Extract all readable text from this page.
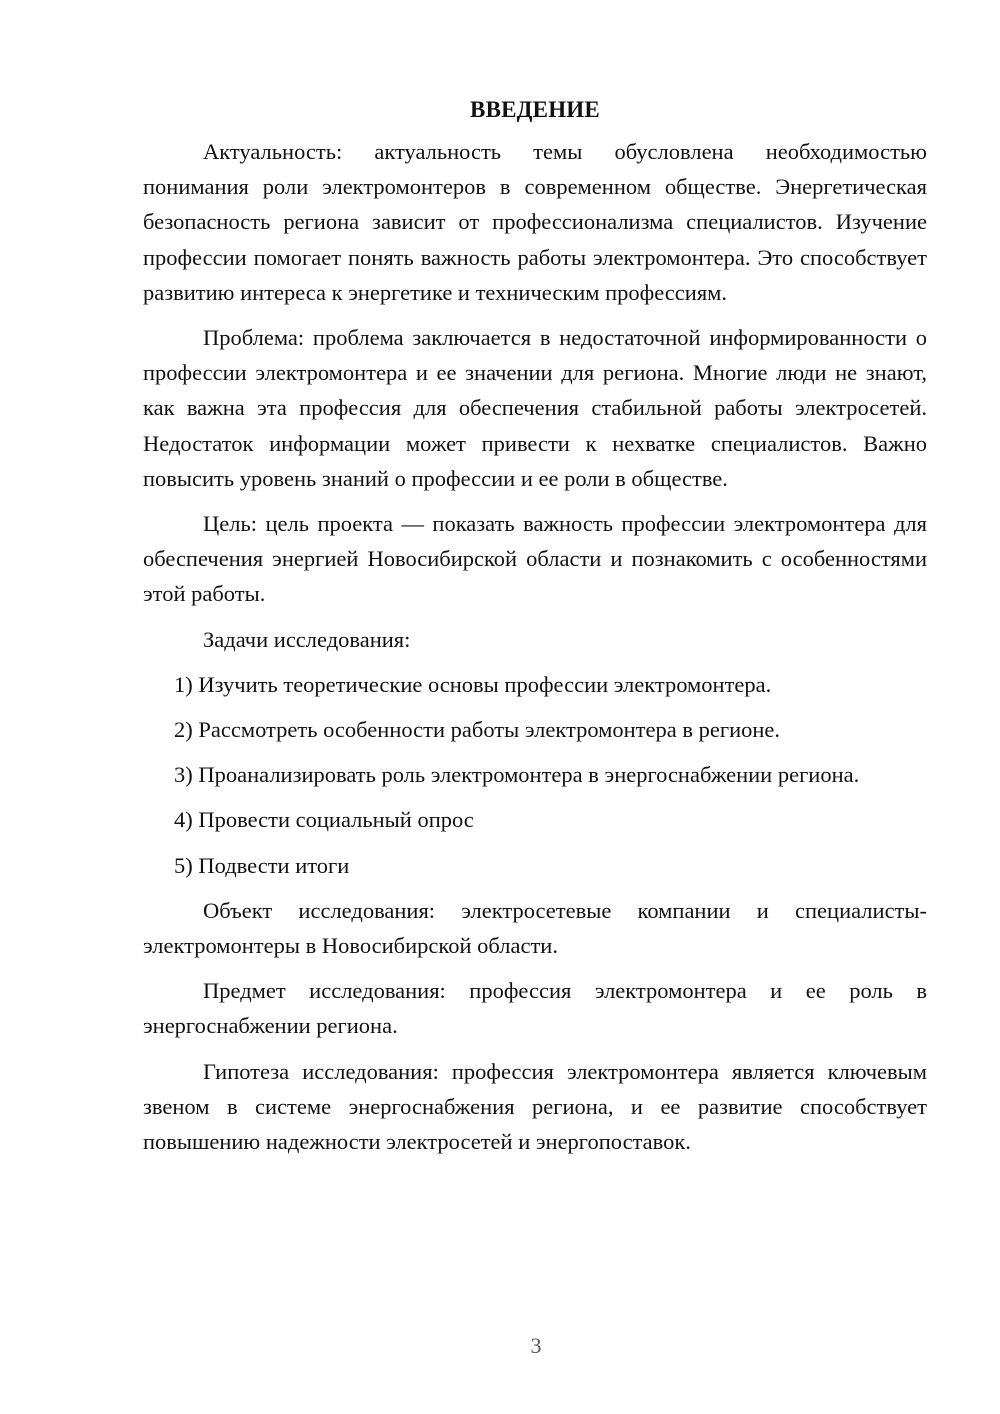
ВВЕДЕНИЕ

Актуальность: актуальность темы обусловлена необходимостью понимания роли электромонтеров в современном обществе. Энергетическая безопасность региона зависит от профессионализма специалистов. Изучение профессии помогает понять важность работы электромонтера. Это способствует развитию интереса к энергетике и техническим профессиям.

Проблема: проблема заключается в недостаточной информированности о профессии электромонтера и ее значении для региона. Многие люди не знают, как важна эта профессия для обеспечения стабильной работы электросетей. Недостаток информации может привести к нехватке специалистов. Важно повысить уровень знаний о профессии и ее роли в обществе.

Цель: цель проекта — показать важность профессии электромонтера для обеспечения энергией Новосибирской области и познакомить с особенностями этой работы.

Задачи исследования:

1) Изучить теоретические основы профессии электромонтера.

2) Рассмотреть особенности работы электромонтера в регионе.

3) Проанализировать роль электромонтера в энергоснабжении региона.

4) Провести социальный опрос

5) Подвести итоги

Объект исследования: электросетевые компании и специалисты-электромонтеры в Новосибирской области.

Предмет исследования: профессия электромонтера и ее роль в энергоснабжении региона.

Гипотеза исследования: профессия электромонтера является ключевым звеном в системе энергоснабжения региона, и ее развитие способствует повышению надежности электросетей и энергопоставок.

3
